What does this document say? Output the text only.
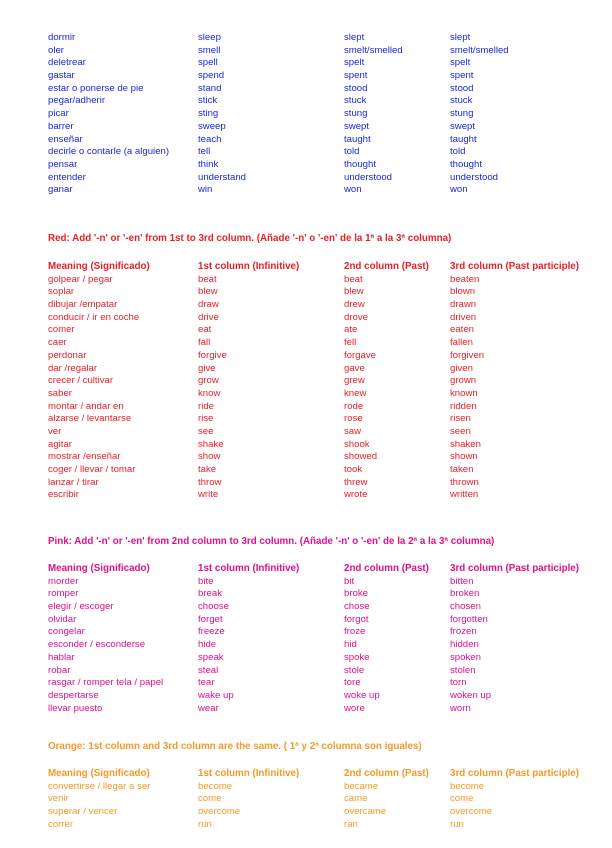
dormir	sleep	slept	slept
oler	smell	smelt/smelled	smelt/smelled
deletrear	spell	spelt	spelt
gastar	spend	spent	spent
estar o ponerse de pie	stand	stood	stood
pegar/adherir	stick	stuck	stuck
picar	sting	stung	stung
barrer	sweep	swept	swept
enseñar	teach	taught	taught
decirle o contarle (a alguien)	tell	told	told
pensar	think	thought	thought
entender	understand	understood	understood
ganar	win	won	won
Red: Add '-n' or '-en' from 1st to 3rd column. (Añade '-n' o '-en' de la 1ª a la 3ª columna)
Meaning (Significado)	1st column (Infinitive)	2nd column (Past)	3rd column (Past participle)
golpear / pegar	beat	beat	beaten
soplar	blew	blew	blown
dibujar /empatar	draw	drew	drawn
conducir / ir en coche	drive	drove	driven
comer	eat	ate	eaten
caer	fall	fell	fallen
perdonar	forgive	forgave	forgiven
dar /regalar	give	gave	given
crecer / cultivar	grow	grew	grown
saber	know	knew	known
montar / andar en	ride	rode	ridden
alzarse / levantarse	rise	rose	risen
ver	see	saw	seen
agitar	shake	shook	shaken
mostrar /enseñar	show	showed	shown
coger / llevar / tomar	take	took	taken
lanzar / tirar	throw	threw	thrown
escribir	write	wrote	written
Pink: Add '-n' or '-en' from 2nd column to 3rd column. (Añade '-n' o '-en' de la 2ª a la 3ª columna)
Meaning (Significado)	1st column (Infinitive)	2nd column (Past)	3rd column (Past participle)
morder	bite	bit	bitten
romper	break	broke	broken
elegir / escoger	choose	chose	chosen
olvidar	forget	forgot	forgotten
congelar	freeze	froze	frozen
esconder / esconderse	hide	hid	hidden
hablar	speak	spoke	spoken
robar	steal	stole	stolen
rasgar / romper tela / papel	tear	tore	torn
despertarse	wake up	woke up	woken up
llevar puesto	wear	wore	worn
Orange: 1st column and 3rd column are the same. ( 1ª y 2ª columna son iguales)
Meaning (Significado)	1st column (Infinitive)	2nd column (Past)	3rd column (Past participle)
convertirse / llegar a ser	become	became	become
venir	come	came	come
superar / vencer	overcome	overcame	overcome
correr	run	ran	run
